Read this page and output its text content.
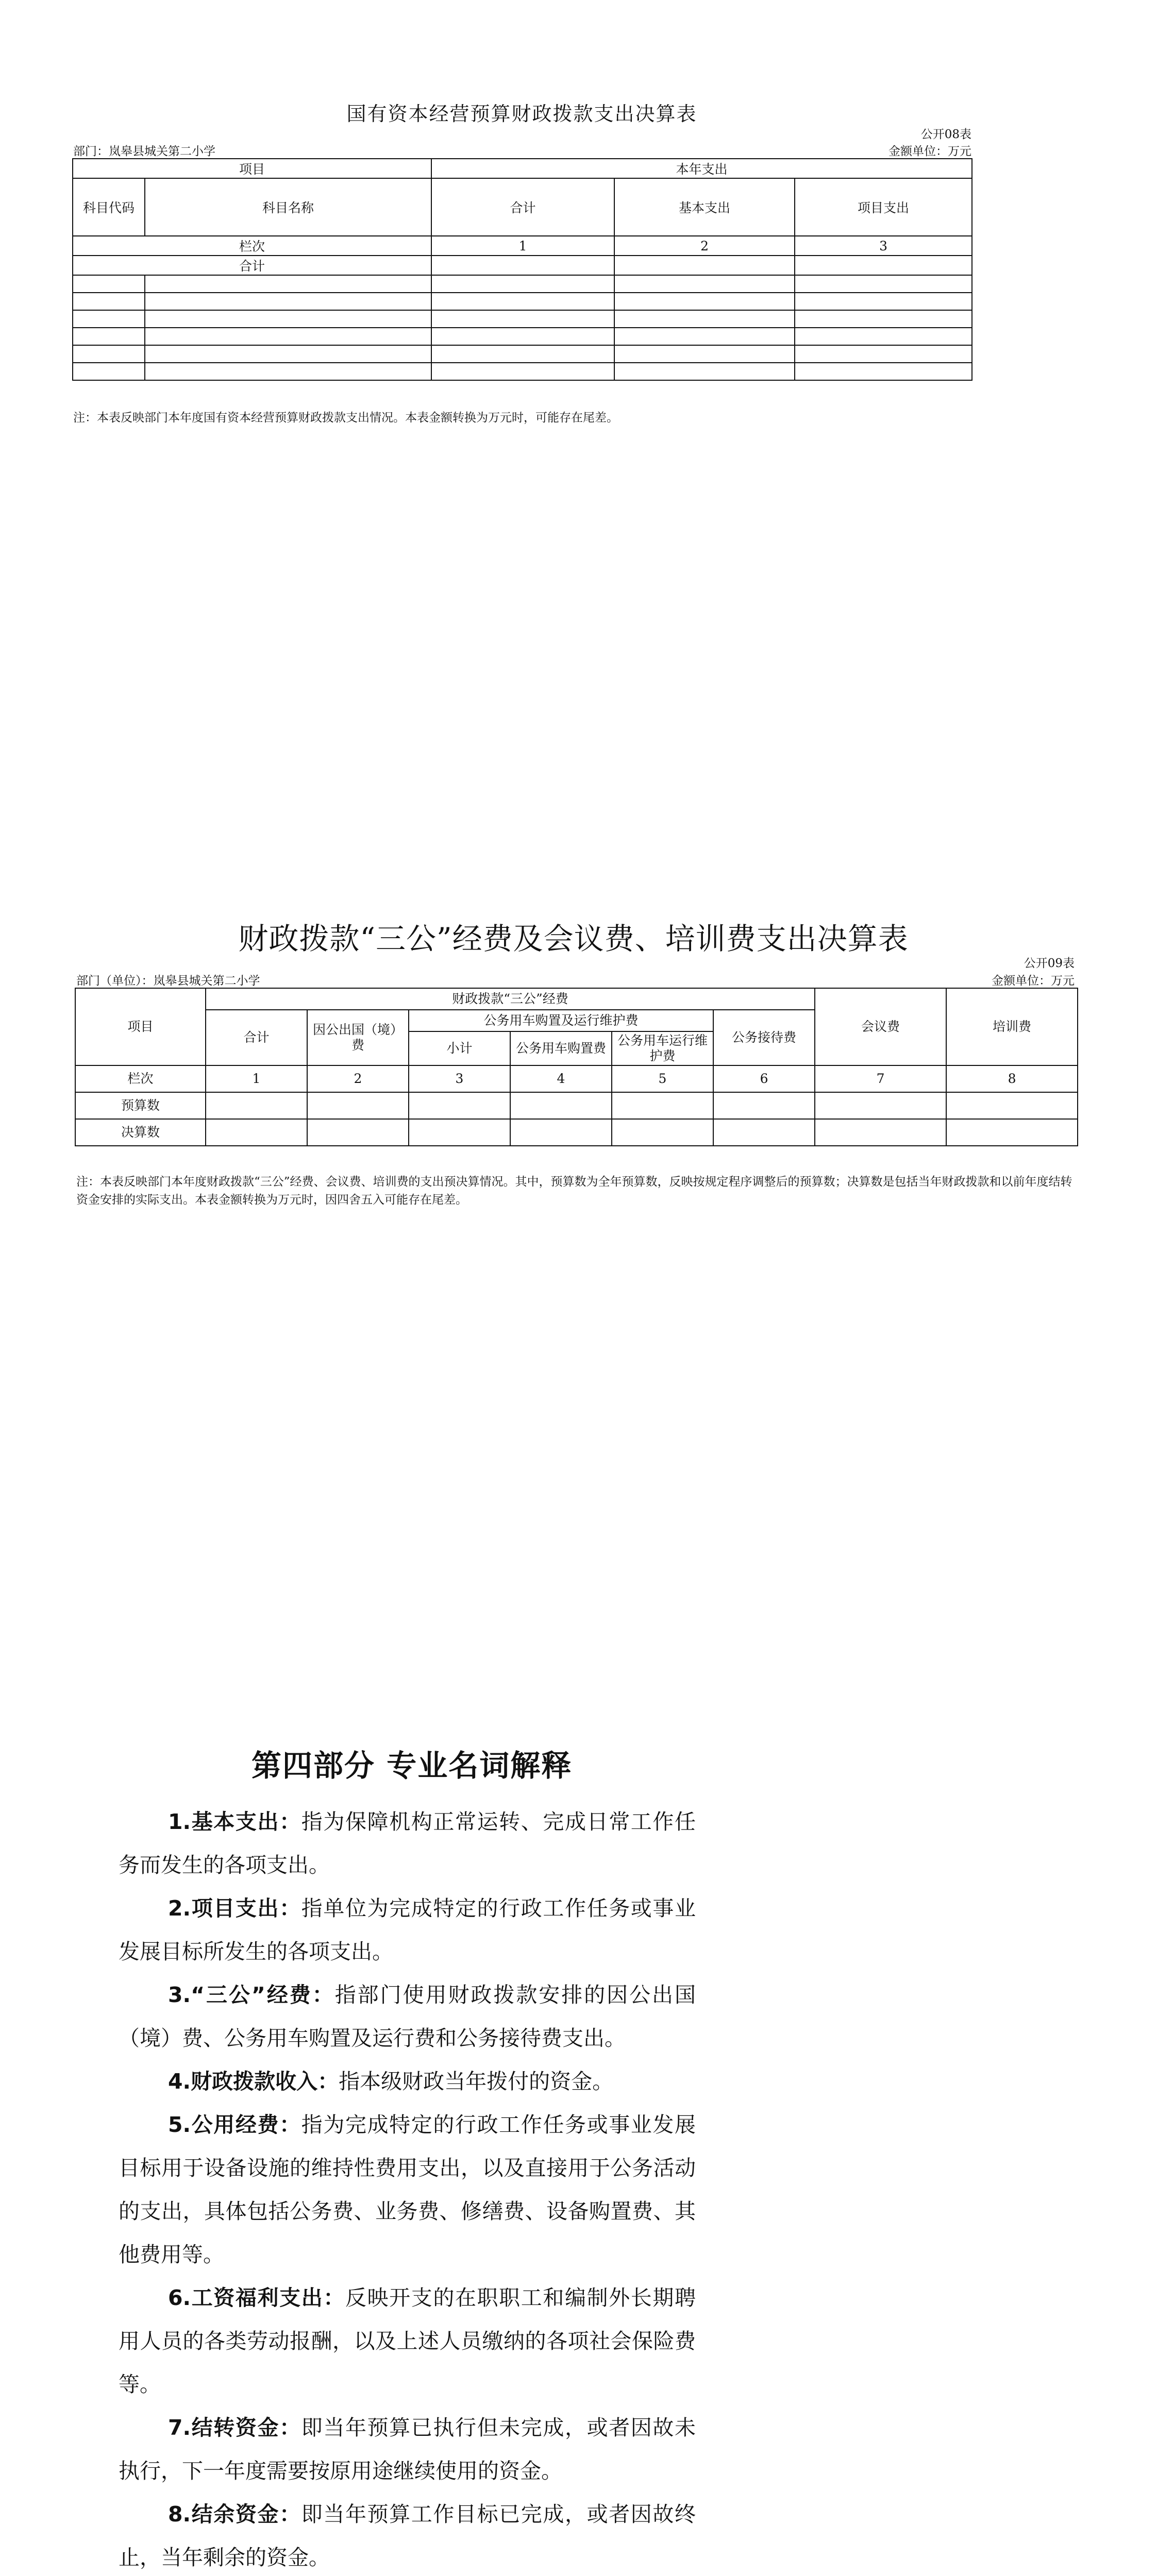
国有资本经营预算财政拨款支出决算表
公开08表
部门：岚皋县城关第二小学	金额单位：万元
项目		本年支出		
科目代码	科目名称	合计	基本支出	项目支出
栏次		1	2	3
合计				

注：本表反映部门本年度国有资本经营预算财政拨款支出情况。本表金额转换为万元时，可能存在尾差。
财政拨款“三公”经费及会议费、培训费支出决算表
公开09表
部门（单位）：岚皋县城关第二小学	金额单位：万元
项目	财政拨款“三公”经费						会议费	培训费
	合计	因公出国（境）费	公务用车购置及运行维护费			公务接待费		
			小计	公务用车购置费	公务用车运行维护费			
栏次	1	2	3	4	5	6	7	8
预算数								
决算数								
注：本表反映部门本年度财政拨款“三公”经费、会议费、培训费的支出预决算情况。其中，预算数为全年预算数，反映按规定程序调整后的预算数；决算数是包括当年财政拨款和以前年度结转资金安排的实际支出。本表金额转换为万元时，因四舍五入可能存在尾差。
第四部分 专业名词解释

1.基本支出：指为保障机构正常运转、完成日常工作任务而发生的各项支出。

2.项目支出：指单位为完成特定的行政工作任务或事业发展目标所发生的各项支出。

3.“三公”经费：指部门使用财政拨款安排的因公出国（境）费、公务用车购置及运行费和公务接待费支出。

4.财政拨款收入：指本级财政当年拨付的资金。

5.公用经费：指为完成特定的行政工作任务或事业发展目标用于设备设施的维持性费用支出，以及直接用于公务活动的支出，具体包括公务费、业务费、修缮费、设备购置费、其他费用等。

6.工资福利支出：反映开支的在职职工和编制外长期聘用人员的各类劳动报酬，以及上述人员缴纳的各项社会保险费等。

7.结转资金：即当年预算已执行但未完成，或者因故未执行，下一年度需要按原用途继续使用的资金。

8.结余资金：即当年预算工作目标已完成，或者因故终止，当年剩余的资金。
